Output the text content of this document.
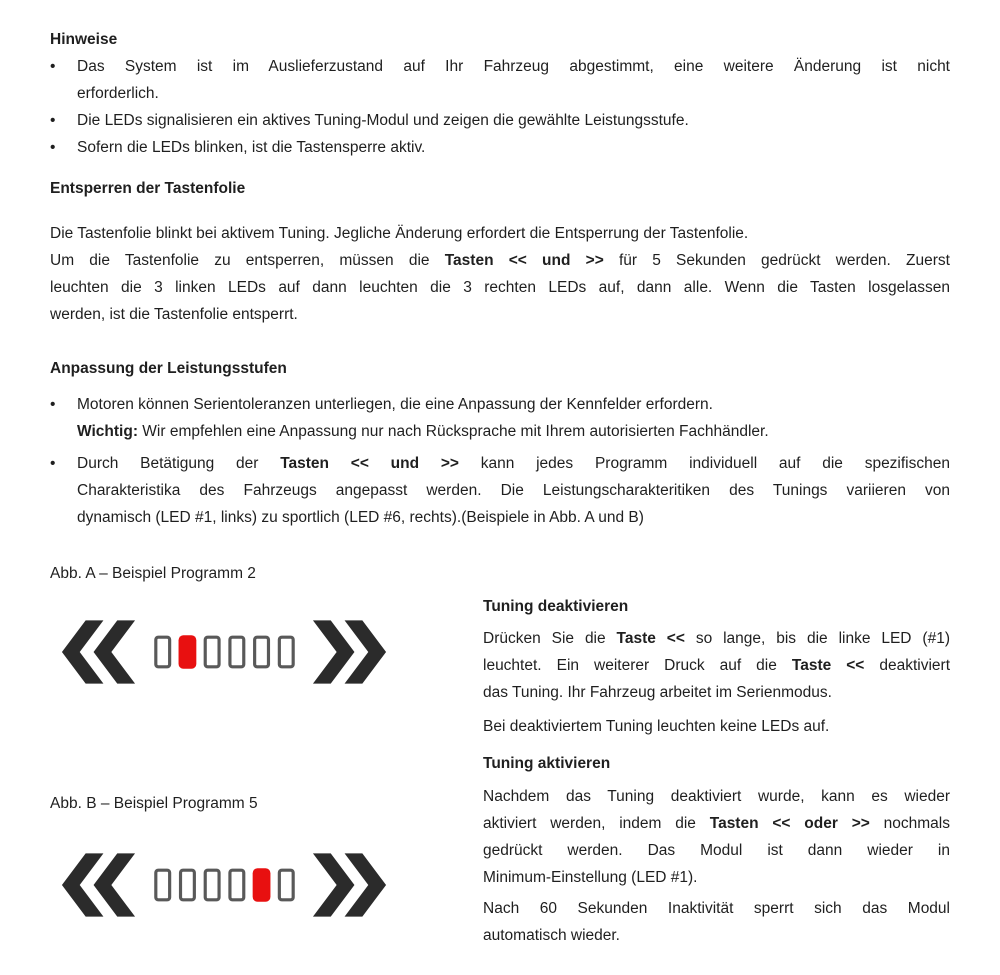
Hinweise

•	Das System ist im Auslieferzustand auf Ihr Fahrzeug abgestimmt, eine weitere Änderung ist nicht
erforderlich.
•	Die LEDs signalisieren ein aktives Tuning-Modul und zeigen die gewählte Leistungsstufe.
•	Sofern die LEDs blinken, ist die Tastensperre aktiv.

Entsperren der Tastenfolie

Die Tastenfolie blinkt bei aktivem Tuning. Jegliche Änderung erfordert die Entsperrung der Tastenfolie.
Um die Tastenfolie zu entsperren, müssen die Tasten << und >> für 5 Sekunden gedrückt werden. Zuerst
leuchten die 3 linken LEDs auf dann leuchten die 3 rechten LEDs auf, dann alle. Wenn die Tasten losgelassen
werden, ist die Tastenfolie entsperrt.

Anpassung der Leistungsstufen

•	Motoren können Serientoleranzen unterliegen, die eine Anpassung der Kennfelder erfordern.
Wichtig: Wir empfehlen eine Anpassung nur nach Rücksprache mit Ihrem autorisierten Fachhändler.
•	Durch Betätigung der Tasten << und >> kann jedes Programm individuell auf die spezifischen
Charakteristika des Fahrzeugs angepasst werden. Die Leistungscharakteritiken des Tunings variieren von
dynamisch (LED #1, links) zu sportlich (LED #6, rechts).(Beispiele in Abb. A und B)
Abb. A – Beispiel Programm 2
Abb. B – Beispiel Programm 5

Tuning deaktivieren

Drücken Sie die Taste << so lange, bis die linke LED (#1)
leuchtet. Ein weiterer Druck auf die Taste << deaktiviert
das Tuning. Ihr Fahrzeug arbeitet im Serienmodus.

Bei deaktiviertem Tuning leuchten keine LEDs auf.

Tuning aktivieren

Nachdem das Tuning deaktiviert wurde, kann es wieder
aktiviert werden, indem die Tasten << oder >> nochmals
gedrückt werden. Das Modul ist dann wieder in
Minimum-Einstellung (LED #1).
Nach 60 Sekunden Inaktivität sperrt sich das Modul
automatisch wieder.
